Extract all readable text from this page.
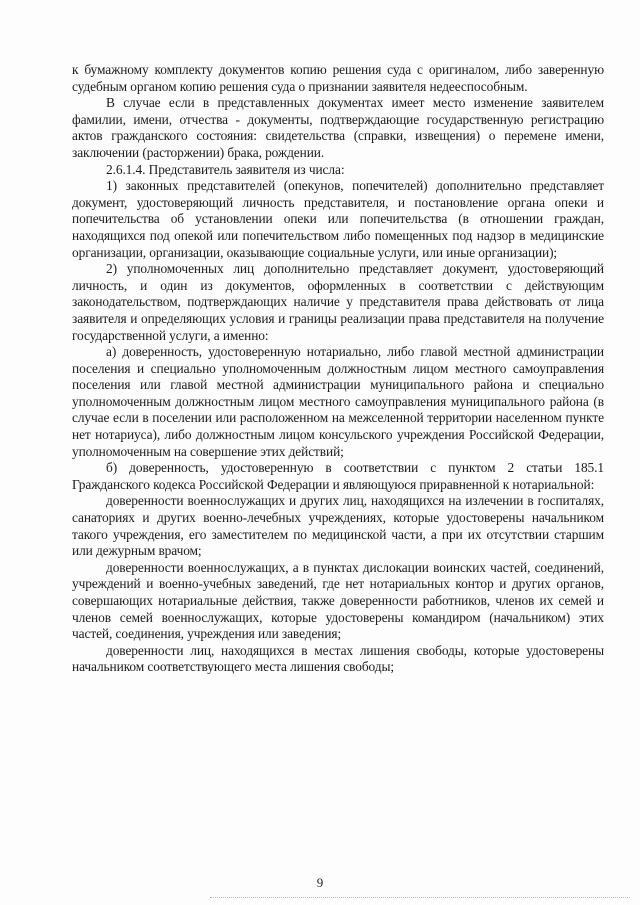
к бумажному комплекту документов копию решения суда с оригиналом, либо заверенную судебным органом копию решения суда о признании заявителя недееспособным.

В случае если в представленных документах имеет место изменение заявителем фамилии, имени, отчества - документы, подтверждающие государственную регистрацию актов гражданского состояния: свидетельства (справки, извещения) о перемене имени, заключении (расторжении) брака, рождении.

2.6.1.4. Представитель заявителя из числа:

1) законных представителей (опекунов, попечителей) дополнительно представляет документ, удостоверяющий личность представителя, и постановление органа опеки и попечительства об установлении опеки или попечительства (в отношении граждан, находящихся под опекой или попечительством либо помещенных под надзор в медицинские организации, организации, оказывающие социальные услуги, или иные организации);

2) уполномоченных лиц дополнительно представляет документ, удостоверяющий личность, и один из документов, оформленных в соответствии с действующим законодательством, подтверждающих наличие у представителя права действовать от лица заявителя и определяющих условия и границы реализации права представителя на получение государственной услуги, а именно:

а) доверенность, удостоверенную нотариально, либо главой местной администрации поселения и специально уполномоченным должностным лицом местного самоуправления поселения или главой местной администрации муниципального района и специально уполномоченным должностным лицом местного самоуправления муниципального района (в случае если в поселении или расположенном на межселенной территории населенном пункте нет нотариуса), либо должностным лицом консульского учреждения Российской Федерации, уполномоченным на совершение этих действий;

б) доверенность, удостоверенную в соответствии с пунктом 2 статьи 185.1 Гражданского кодекса Российской Федерации и являющуюся приравненной к нотариальной:

доверенности военнослужащих и других лиц, находящихся на излечении в госпиталях, санаториях и других военно-лечебных учреждениях, которые удостоверены начальником такого учреждения, его заместителем по медицинской части, а при их отсутствии старшим или дежурным врачом;

доверенности военнослужащих, а в пунктах дислокации воинских частей, соединений, учреждений и военно-учебных заведений, где нет нотариальных контор и других органов, совершающих нотариальные действия, также доверенности работников, членов их семей и членов семей военнослужащих, которые удостоверены командиром (начальником) этих частей, соединения, учреждения или заведения;

доверенности лиц, находящихся в местах лишения свободы, которые удостоверены начальником соответствующего места лишения свободы;

9
